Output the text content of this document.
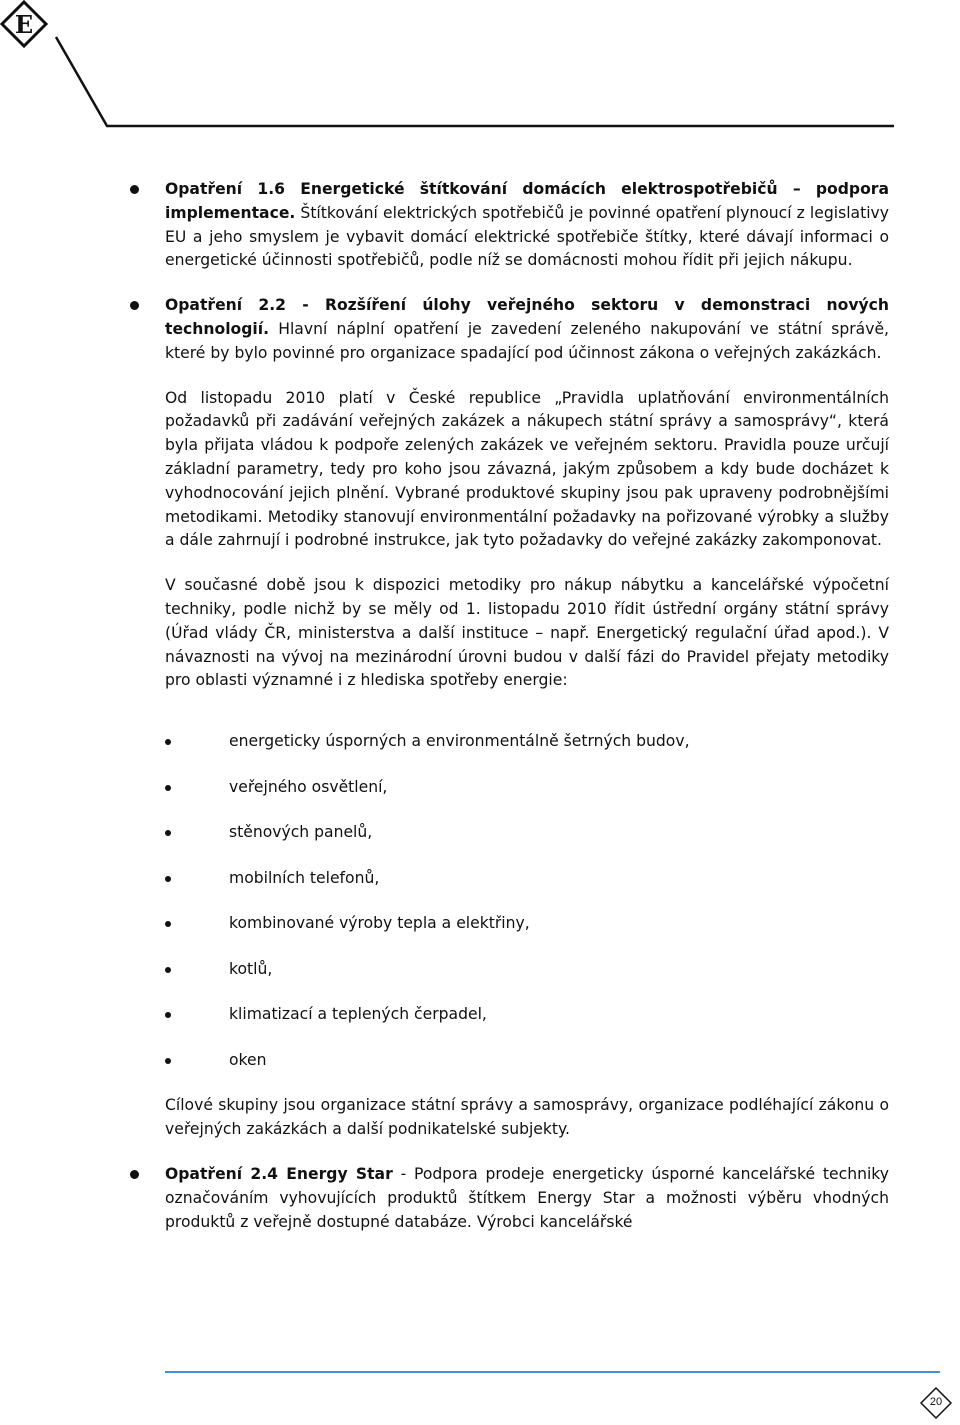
E

Opatření 1.6 Energetické štítkování domácích elektrospotřebičů – podpora implementace. Štítkování elektrických spotřebičů je povinné opatření plynoucí z legislativy EU a jeho smyslem je vybavit domácí elektrické spotřebiče štítky, které dávají informaci o energetické účinnosti spotřebičů, podle níž se domácnosti mohou řídit při jejich nákupu.

Opatření 2.2 - Rozšíření úlohy veřejného sektoru v demonstraci nových technologií. Hlavní náplní opatření je zavedení zeleného nakupování ve státní správě, které by bylo povinné pro organizace spadající pod účinnost zákona o veřejných zakázkách.

Od listopadu 2010 platí v České republice „Pravidla uplatňování environmentálních požadavků při zadávání veřejných zakázek a nákupech státní správy a samosprávy“, která byla přijata vládou k podpoře zelených zakázek ve veřejném sektoru. Pravidla pouze určují základní parametry, tedy pro koho jsou závazná, jakým způsobem a kdy bude docházet k vyhodnocování jejich plnění. Vybrané produktové skupiny jsou pak upraveny podrobnějšími metodikami. Metodiky stanovují environmentální požadavky na pořizované výrobky a služby a dále zahrnují i podrobné instrukce, jak tyto požadavky do veřejné zakázky zakomponovat.

V současné době jsou k dispozici metodiky pro nákup nábytku a kancelářské výpočetní techniky, podle nichž by se měly od 1. listopadu 2010 řídit ústřední orgány státní správy (Úřad vlády ČR, ministerstva a další instituce – např. Energetický regulační úřad apod.). V návaznosti na vývoj na mezinárodní úrovni budou v další fázi do Pravidel přejaty metodiky pro oblasti významné i z hlediska spotřeby energie:

energeticky úsporných a environmentálně šetrných budov,
veřejného osvětlení,
stěnových panelů,
mobilních telefonů,
kombinované výroby tepla a elektřiny,
kotlů,
klimatizací a teplených čerpadel,
oken

Cílové skupiny jsou organizace státní správy a samosprávy, organizace podléhající zákonu o veřejných zakázkách a další podnikatelské subjekty.

Opatření 2.4 Energy Star - Podpora prodeje energeticky úsporné kancelářské techniky označováním vyhovujících produktů štítkem Energy Star a možnosti výběru vhodných produktů z veřejně dostupné databáze. Výrobci kancelářské

20
